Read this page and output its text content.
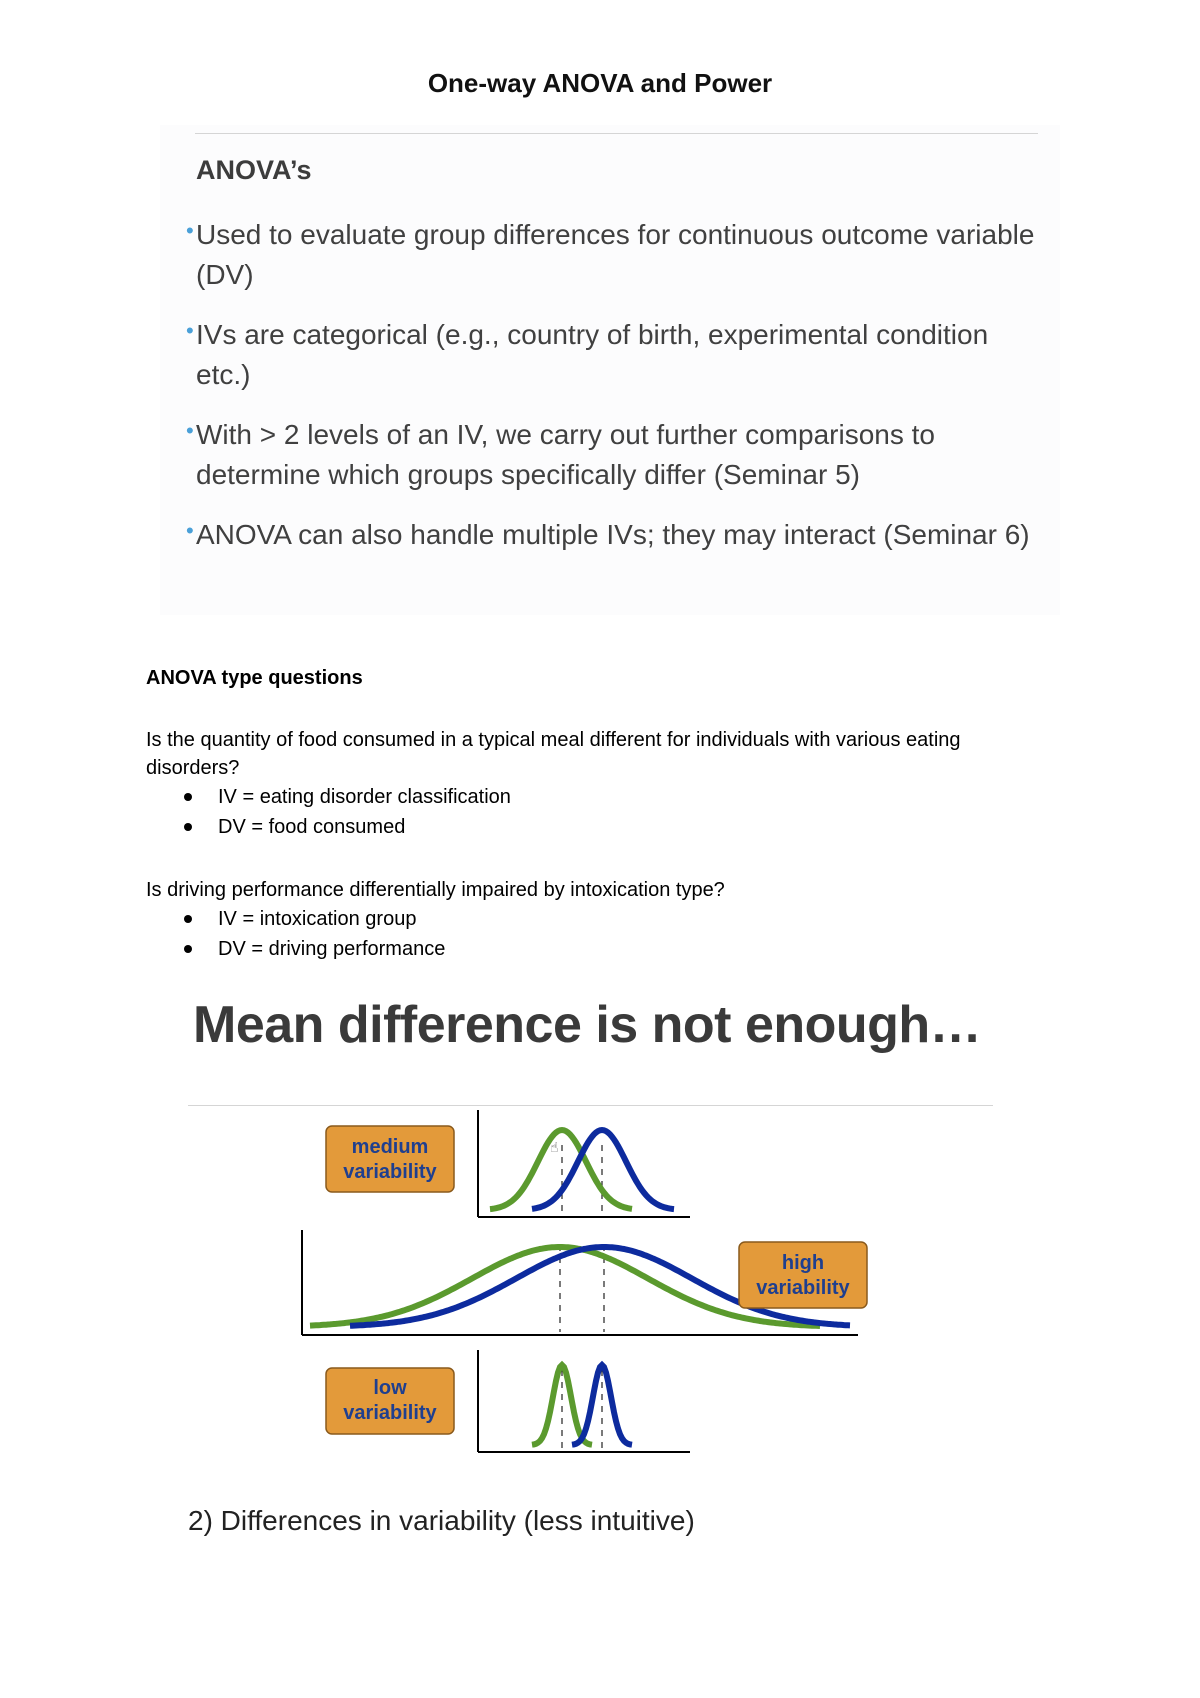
One-way ANOVA and Power
ANOVA’s
• Used to evaluate group differences for continuous outcome variable (DV)
• IVs are categorical (e.g., country of birth, experimental condition etc.)
• With > 2 levels of an IV, we carry out further comparisons to determine which groups specifically differ (Seminar 5)
• ANOVA can also handle multiple IVs; they may interact (Seminar 6)
ANOVA type questions
Is the quantity of food consumed in a typical meal different for individuals with various eating disorders?
IV = eating disorder classification
DV = food consumed
Is driving performance differentially impaired by intoxication type?
IV = intoxication group
DV = driving performance
Mean difference is not enough…
medium
variability
☝
high
variability
low
variability
2) Differences in variability (less intuitive)
